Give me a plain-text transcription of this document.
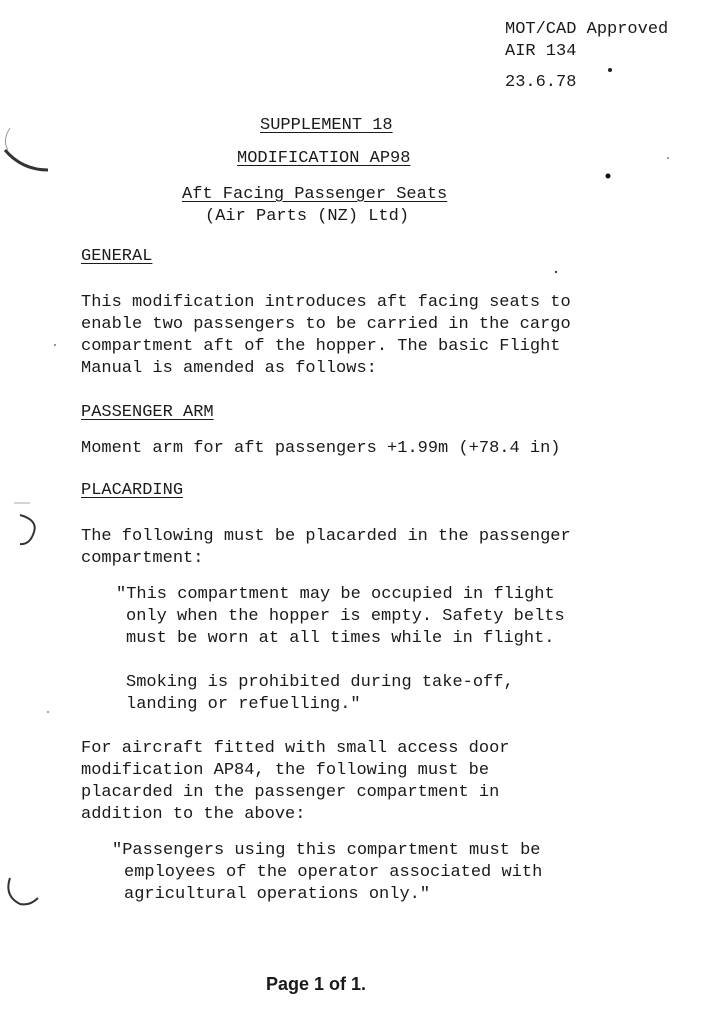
MOT/CAD Approved
AIR 134
23.6.78
SUPPLEMENT 18
MODIFICATION AP98
Aft Facing Passenger Seats
(Air Parts (NZ) Ltd)
GENERAL
This modification introduces aft facing seats to
enable two passengers to be carried in the cargo
compartment aft of the hopper. The basic Flight
Manual is amended as follows:
PASSENGER ARM
Moment arm for aft passengers +1.99m (+78.4 in)
PLACARDING
The following must be placarded in the passenger
compartment:
"This compartment may be occupied in flight
only when the hopper is empty. Safety belts
must be worn at all times while in flight.
Smoking is prohibited during take-off,
landing or refuelling."
For aircraft fitted with small access door
modification AP84, the following must be
placarded in the passenger compartment in
addition to the above:
"Passengers using this compartment must be
employees of the operator associated with
agricultural operations only."
Page 1 of 1.
